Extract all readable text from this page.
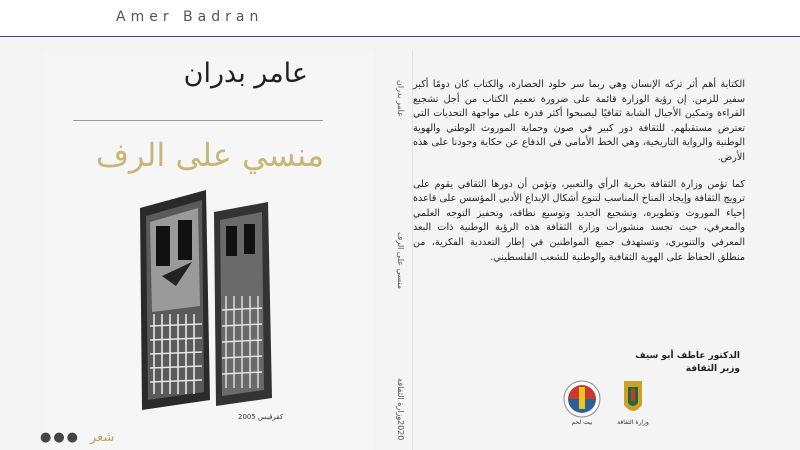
Amer Badran
عامر بدران
منسي على الرف
كفرقيس 2005
شعر
●●●
عامر بدران
منسي على الرف
وزارة الثقافة
2020

الكتابة أهم أثر تركه الإنسان وهي ربما سر خلود الحضارة، والكتاب كان دومًا أكبر سفير للزمن. إن رؤية الوزارة قائمة على ضرورة تعميم الكتاب من أجل تشجيع القراءة وتمكين الأجيال الشابة ثقافيًا ليصبحوا أكثر قدرة على مواجهة التحديات التي تعترض مستقبلهم. للثقافة دور كبير في صون وحماية الموروث الوطني والهوية الوطنية والرواية التاريخية، وهي الخط الأمامي في الدفاع عن حكاية وجودنا على هذه الأرض.

كما تؤمن وزارة الثقافة بحرية الرأي والتعبير، وتؤمن أن دورها الثقافي يقوم على ترويج الثقافة وإيجاد المناخ المناسب لتنوع أشكال الإبداع الأدبي المؤسس على قاعدة إحياء الموروث وتطويره، وتشجيع الجديد وتوسيع نطاقه، وتحفيز التوجه العلمي والمعرفي، حيث تجسد منشورات وزارة الثقافة هذه الرؤية الوطنية ذات البعد المعرفي والتنويري، وتستهدف جميع المواطنين في إطار التعددية الفكرية، من منطلق الحفاظ على الهوية الثقافية والوطنية للشعب الفلسطيني.

الدكتور عاطف أبو سيف
وزير الثقافة
بيت لحم	وزارة الثقافة
